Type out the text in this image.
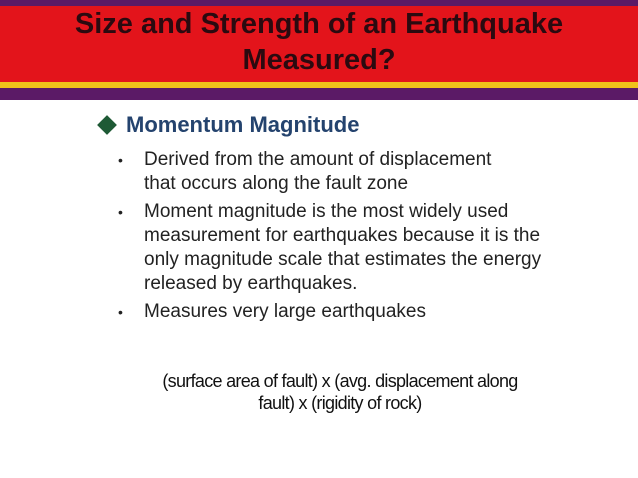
Size and Strength of an Earthquake
Measured?
Momentum Magnitude
• Derived from the amount of displacement
that occurs along the fault zone
• Moment magnitude is the most widely used
measurement for earthquakes because it is the
only magnitude scale that estimates the energy
released by earthquakes.
• Measures very large earthquakes
(surface area of fault) x (avg. displacement along
fault) x (rigidity of rock)
